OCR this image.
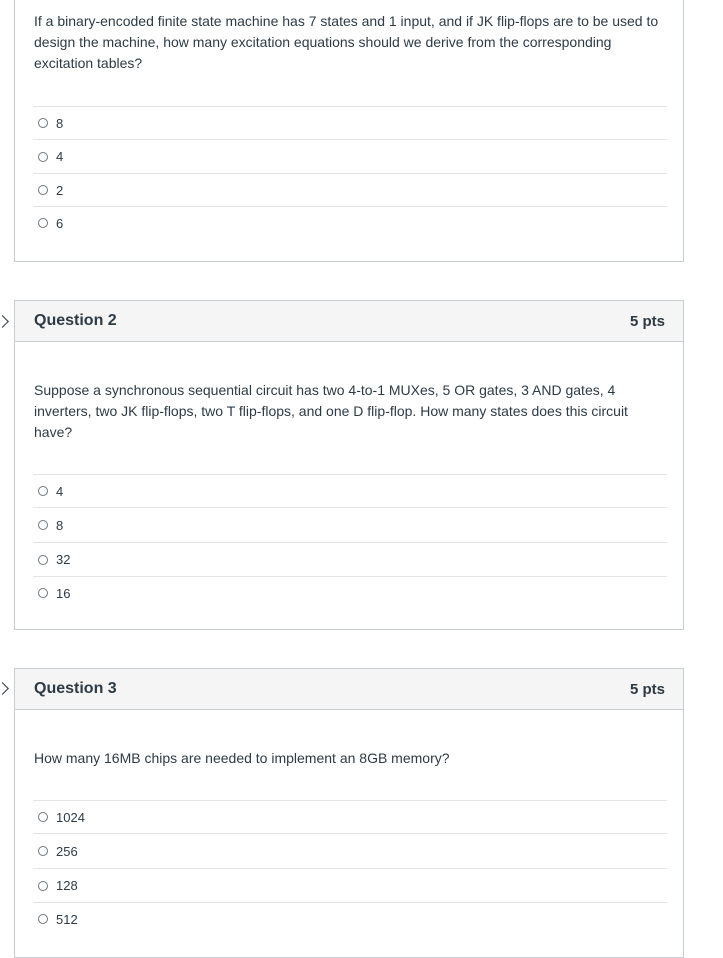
If a binary-encoded finite state machine has 7 states and 1 input, and if JK flip-flops are to be used to design the machine, how many excitation equations should we derive from the corresponding excitation tables?
8
4
2
6
Question 2	5 pts
Suppose a synchronous sequential circuit has two 4-to-1 MUXes, 5 OR gates, 3 AND gates, 4 inverters, two JK flip-flops, two T flip-flops, and one D flip-flop. How many states does this circuit have?
4
8
32
16
Question 3	5 pts
How many 16MB chips are needed to implement an 8GB memory?
1024
256
128
512
